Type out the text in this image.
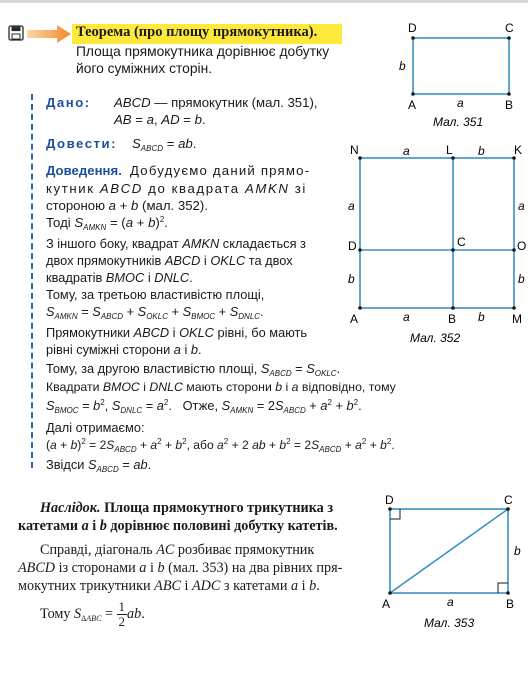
Теорема (про площу прямокутника).
Площа прямокутника дорівнює добутку
його суміжних сторін.
D	C
A	B
a
b
Мал. 351
Дано: ABCD — прямокутник (мал. 351),
AB = a, AD = b.
Довести: $S_{ABCD}$ = ab.
Доведення. Добудуємо даний прямо-
кутник ABCD до квадрата AMKN зі
стороною a + b (мал. 352).
Тоді $S_{AMKN} = (a + b)^2$.
З іншого боку, квадрат AMKN складається з
двох прямокутників ABCD і OKLC та двох
квадратів BMOC і DNLC.
Тому, за третьою властивістю площі,
$S_{AMKN} = S_{ABCD} + S_{OKLC} + S_{BMOC} + S_{DNLC}$.
Прямокутники ABCD і OKLC рівні, бо мають
рівні суміжні сторони a і b.
Тому, за другою властивістю площі, $S_{ABCD} = S_{OKLC}$.
Квадрати BMOC і DNLC мають сторони b і a відповідно, тому
$S_{BMOC} = b^2$, $S_{DNLC} = a^2$.   Отже, $S_{AMKN} = 2S_{ABCD} + a^2 + b^2$.
Далі отримаємо:
$(a + b)^2 = 2S_{ABCD} + a^2 + b^2$, або $a^2 + 2$ ab + $b^2 = 2S_{ABCD} + a^2 + b^2$.
Звідси $S_{ABCD}$ = ab.
N	L	K
a	b
a	a
D	C	O
b	b
A	a	B b M
Мал. 352
Наслідок. Площа прямокутного трикутника з
катетами a і b дорівнює половині добутку катетів.
Справді, діагональ AC розбиває прямокутник
ABCD із сторонами a і b (мал. 353) на два рівних пря-
мокутних трикутники ABC і ADC з катетами a і b.
Тому $S_{\Delta ABC} = \frac{1}{2}$ ab.
D	C
A	B
a
b
Мал. 353
